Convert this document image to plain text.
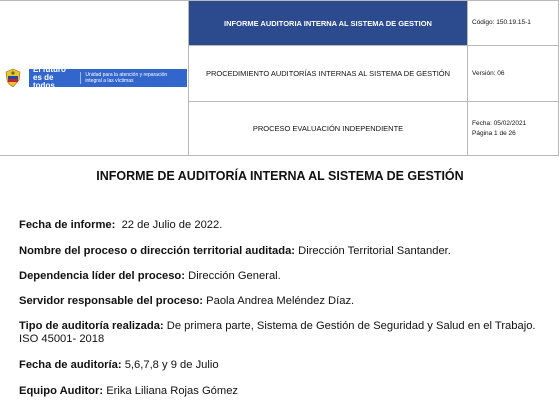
El futuro es de todos
Unidad para la atención y reparación integral a las víctimas	INFORME AUDITORIA INTERNA AL SISTEMA DE GESTION	Código: 150.19.15-1

	PROCEDIMIENTO AUDITORÍAS INTERNAS AL SISTEMA DE GESTIÓN	Versión: 06

	PROCESO EVALUACIÓN INDEPENDIENTE	Fecha: 05/02/2021
Página 1 de 26
INFORME DE AUDITORÍA INTERNA AL SISTEMA DE GESTIÓN
Fecha de informe: 22 de Julio de 2022.
Nombre del proceso o dirección territorial auditada: Dirección Territorial Santander.
Dependencia líder del proceso: Dirección General.
Servidor responsable del proceso: Paola Andrea Meléndez Díaz.
Tipo de auditoría realizada: De primera parte, Sistema de Gestión de Seguridad y Salud en el Trabajo. ISO 45001- 2018
Fecha de auditoría: 5,6,7,8 y 9 de Julio
Equipo Auditor: Erika Liliana Rojas Gómez
